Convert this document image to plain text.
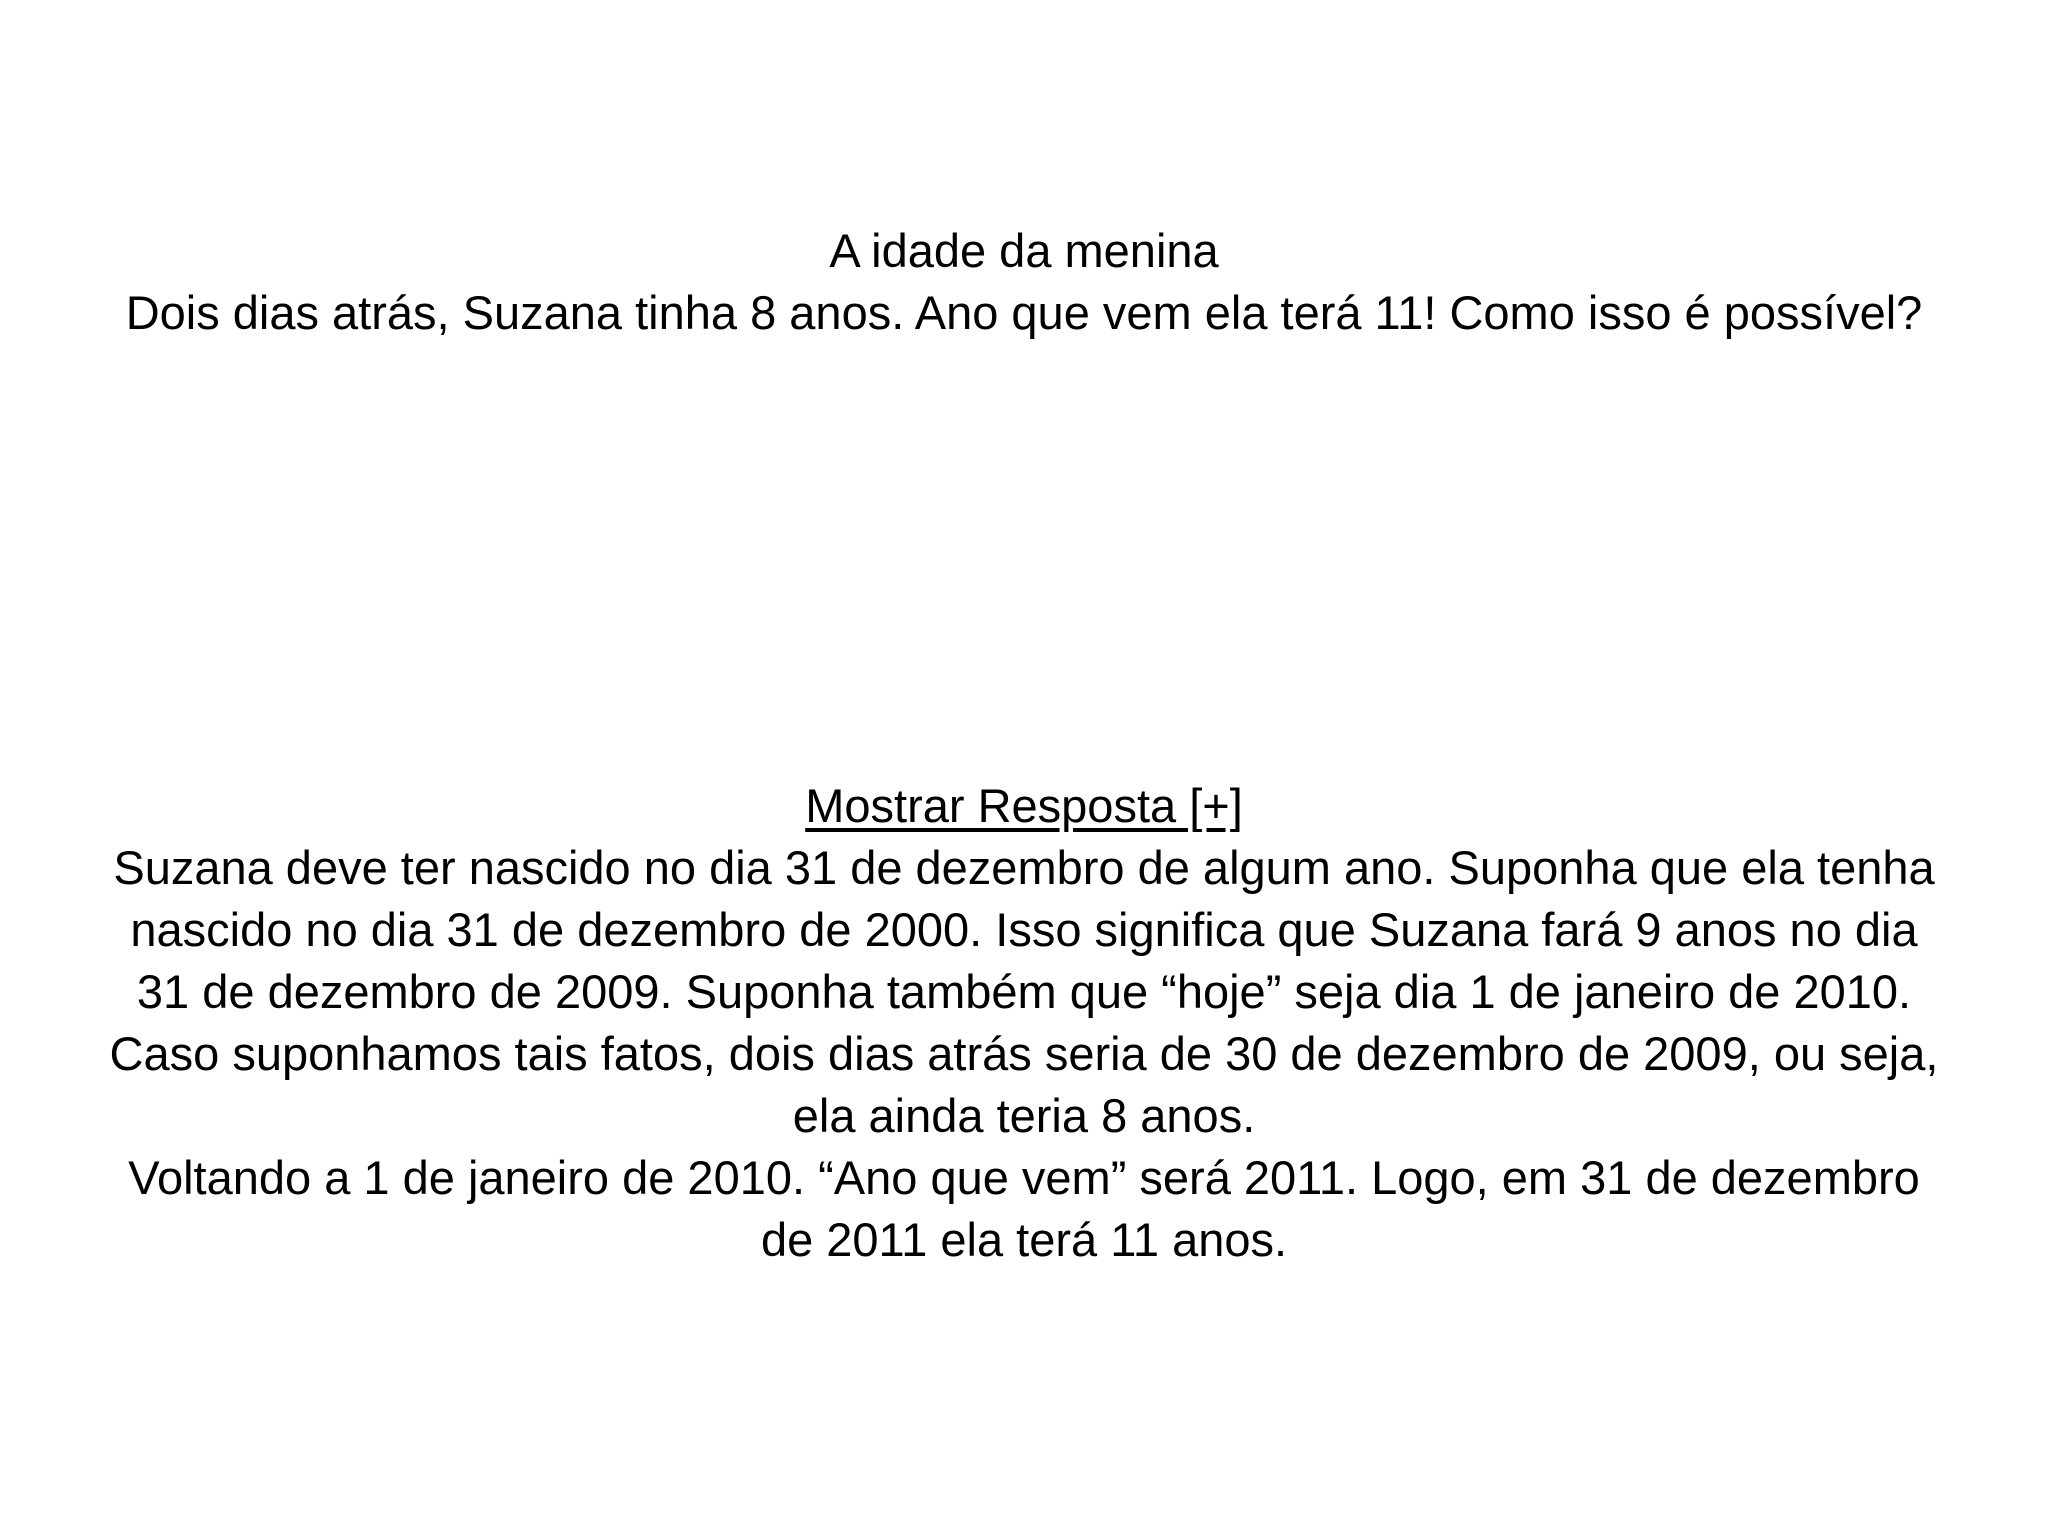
A idade da menina

Dois dias atrás, Suzana tinha 8 anos. Ano que vem ela terá 11! Como isso é possível?

Mostrar Resposta [+]

Suzana deve ter nascido no dia 31 de dezembro de algum ano. Suponha que ela tenha nascido no dia 31 de dezembro de 2000. Isso significa que Suzana fará 9 anos no dia 31 de dezembro de 2009. Suponha também que “hoje” seja dia 1 de janeiro de 2010.

Caso suponhamos tais fatos, dois dias atrás seria de 30 de dezembro de 2009, ou seja, ela ainda teria 8 anos.

Voltando a 1 de janeiro de 2010. “Ano que vem” será 2011. Logo, em 31 de dezembro de 2011 ela terá 11 anos.
